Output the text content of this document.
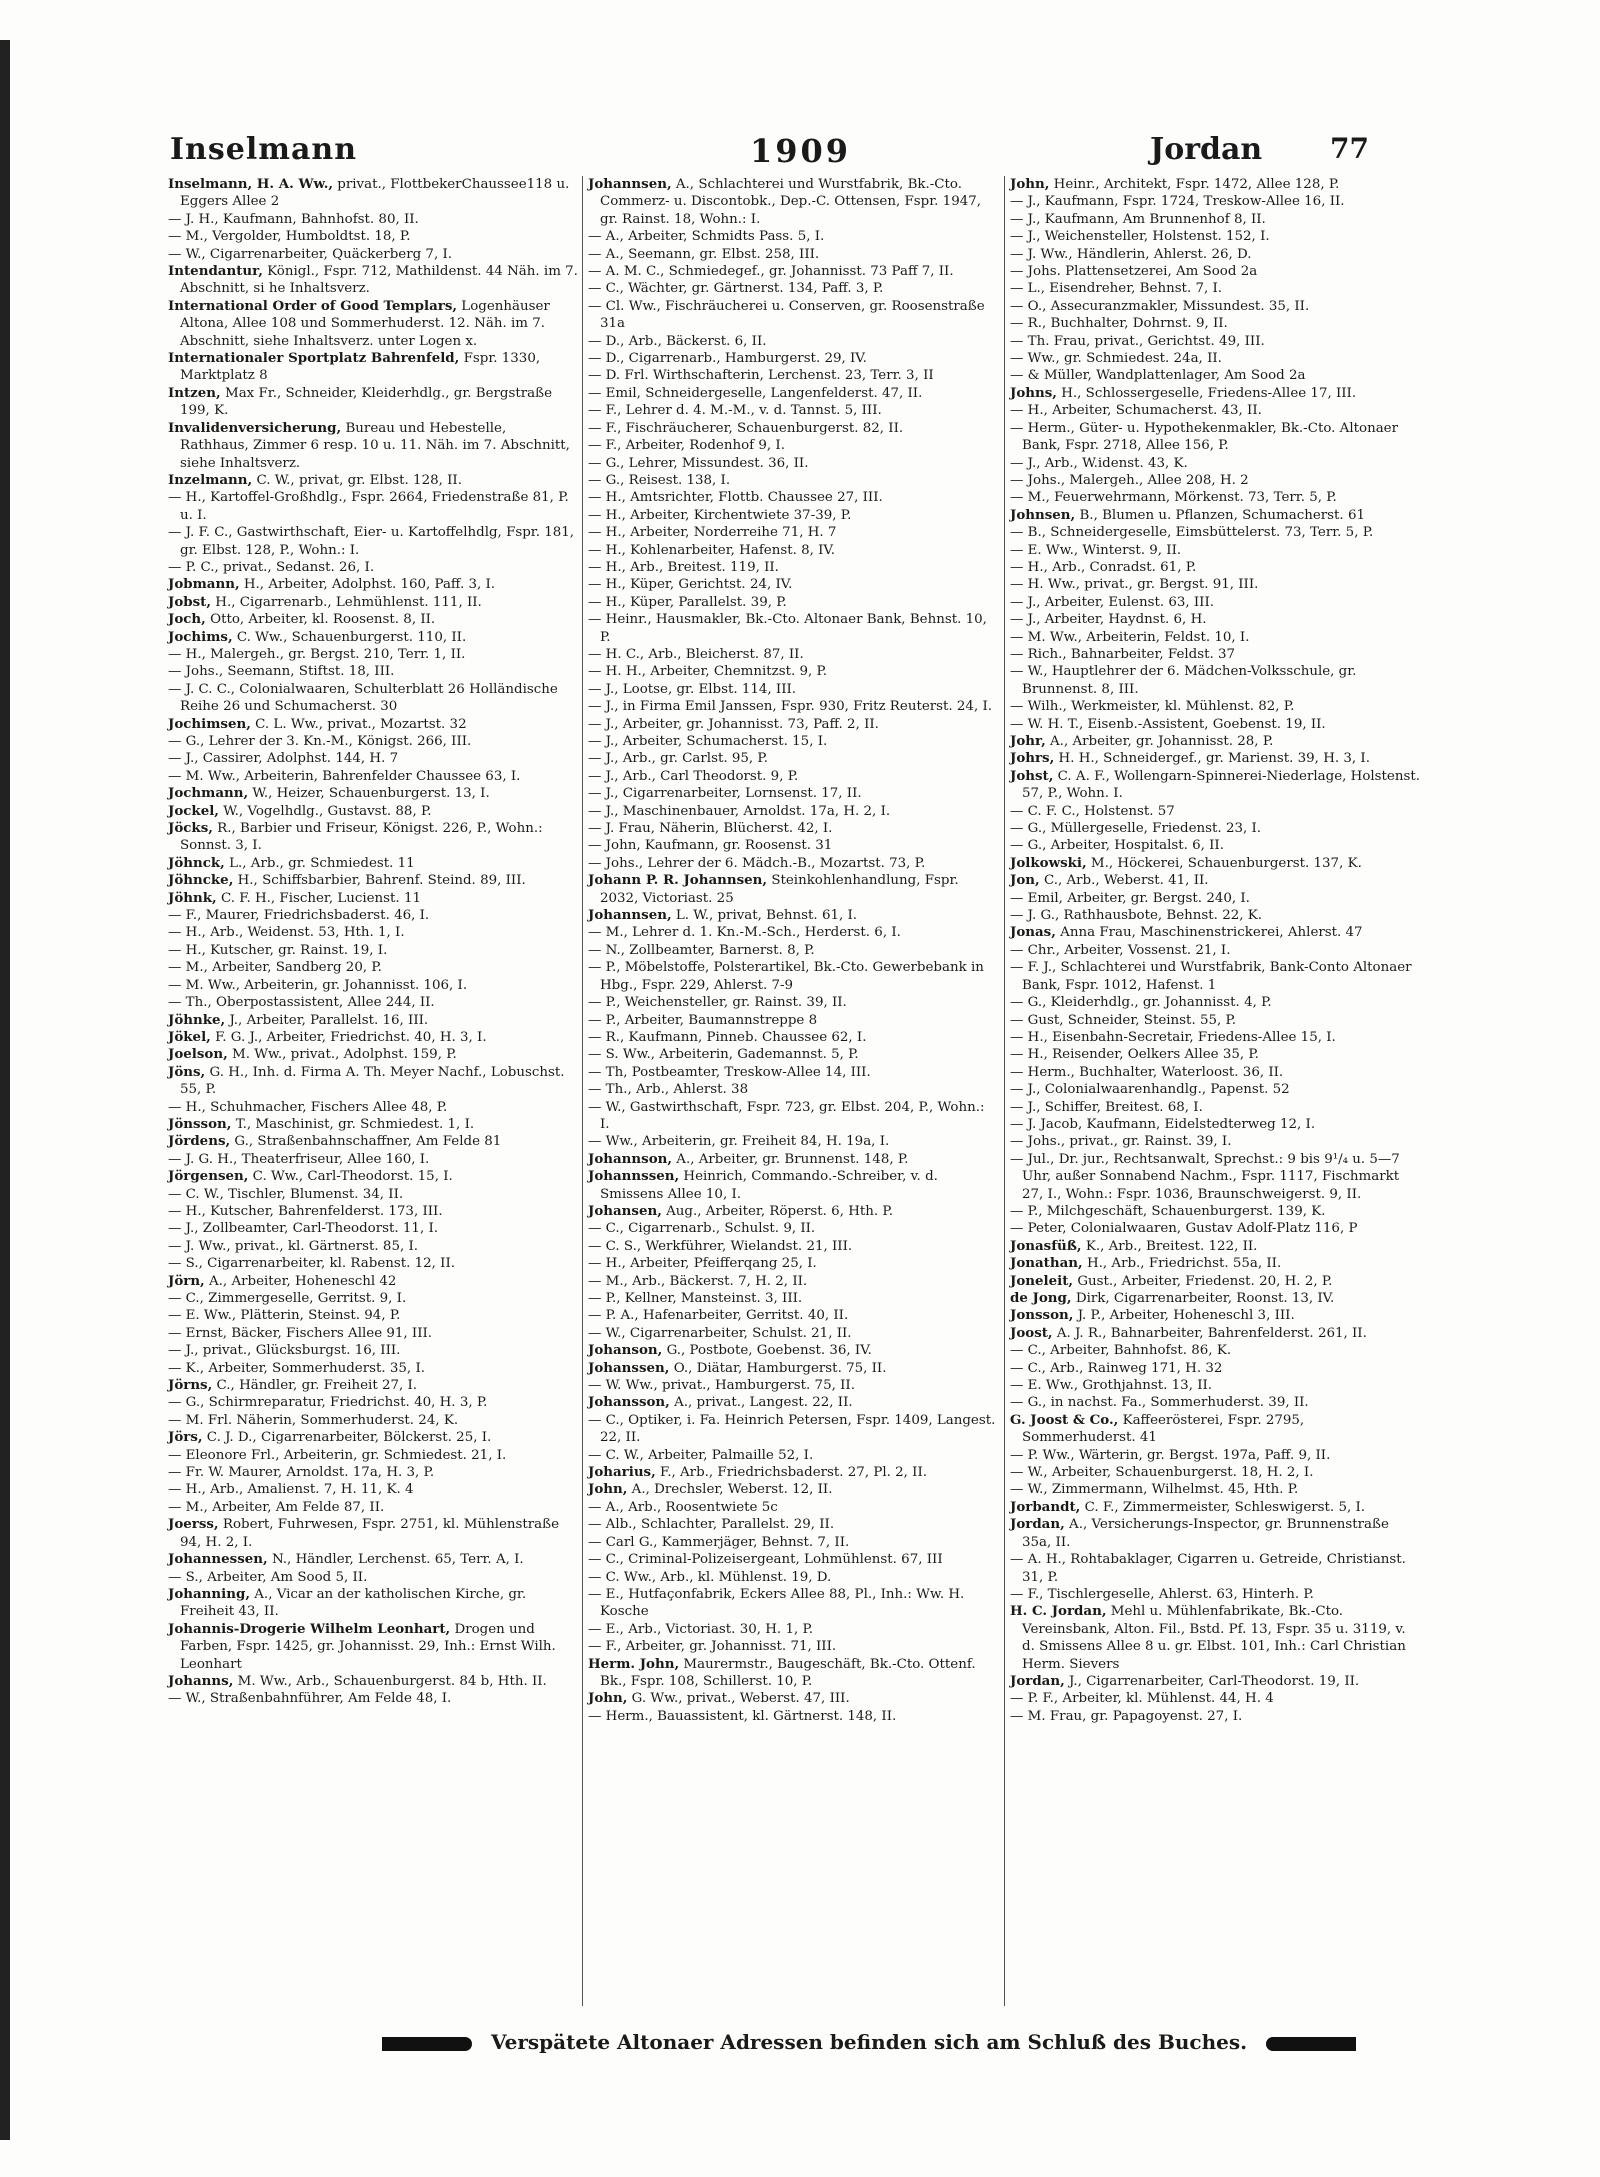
Inselmann	1909	Jordan 77
Inselmann, H. A. Ww., privat., FlottbekerChaussee118 u. Eggers Allee 2
— J. H., Kaufmann, Bahnhofst. 80, II.
— M., Vergolder, Humboldtst. 18, P.
— W., Cigarrenarbeiter, Quäckerberg 7, I.
Intendantur, Königl., Fspr. 712, Mathildenst. 44 Näh. im 7. Abschnitt, si he Inhaltsverz.
International Order of Good Templars, Logenhäuser Altona, Allee 108 und Sommerhuderst. 12. Näh. im 7. Abschnitt, siehe Inhaltsverz. unter Logen x.
Internationaler Sportplatz Bahrenfeld, Fspr. 1330, Marktplatz 8
Intzen, Max Fr., Schneider, Kleiderhdlg., gr. Bergstraße 199, K.
Invalidenversicherung, Bureau und Hebestelle, Rathhaus, Zimmer 6 resp. 10 u. 11. Näh. im 7. Abschnitt, siehe Inhaltsverz.
Inzelmann, C. W., privat, gr. Elbst. 128, II.
— H., Kartoffel-Großhdlg., Fspr. 2664, Friedenstraße 81, P. u. I.
— J. F. C., Gastwirthschaft, Eier- u. Kartoffelhdlg, Fspr. 181, gr. Elbst. 128, P., Wohn.: I.
— P. C., privat., Sedanst. 26, I.
Jobmann, H., Arbeiter, Adolphst. 160, Paff. 3, I.
Jobst, H., Cigarrenarb., Lehmühlenst. 111, II.
Joch, Otto, Arbeiter, kl. Roosenst. 8, II.
Jochims, C. Ww., Schauenburgerst. 110, II.
— H., Malergeh., gr. Bergst. 210, Terr. 1, II.
— Johs., Seemann, Stiftst. 18, III.
— J. C. C., Colonialwaaren, Schulterblatt 26 Holländische Reihe 26 und Schumacherst. 30
Jochimsen, C. L. Ww., privat., Mozartst. 32
— G., Lehrer der 3. Kn.-M., Königst. 266, III.
— J., Cassirer, Adolphst. 144, H. 7
— M. Ww., Arbeiterin, Bahrenfelder Chaussee 63, I.
Jochmann, W., Heizer, Schauenburgerst. 13, I.
Jockel, W., Vogelhdlg., Gustavst. 88, P.
Jöcks, R., Barbier und Friseur, Königst. 226, P., Wohn.: Sonnst. 3, I.
Jöhnck, L., Arb., gr. Schmiedest. 11
Jöhncke, H., Schiffsbarbier, Bahrenf. Steind. 89, III.
Jöhnk, C. F. H., Fischer, Lucienst. 11
— F., Maurer, Friedrichsbaderst. 46, I.
— H., Arb., Weidenst. 53, Hth. 1, I.
— H., Kutscher, gr. Rainst. 19, I.
— M., Arbeiter, Sandberg 20, P.
— M. Ww., Arbeiterin, gr. Johannisst. 106, I.
— Th., Oberpostassistent, Allee 244, II.
Jöhnke, J., Arbeiter, Parallelst. 16, III.
Jökel, F. G. J., Arbeiter, Friedrichst. 40, H. 3, I.
Joelson, M. Ww., privat., Adolphst. 159, P.
Jöns, G. H., Inh. d. Firma A. Th. Meyer Nachf., Lobuschst. 55, P.
— H., Schuhmacher, Fischers Allee 48, P.
Jönsson, T., Maschinist, gr. Schmiedest. 1, I.
Jördens, G., Straßenbahnschaffner, Am Felde 81
— J. G. H., Theaterfriseur, Allee 160, I.
Jörgensen, C. Ww., Carl-Theodorst. 15, I.
— C. W., Tischler, Blumenst. 34, II.
— H., Kutscher, Bahrenfelderst. 173, III.
— J., Zollbeamter, Carl-Theodorst. 11, I.
— J. Ww., privat., kl. Gärtnerst. 85, I.
— S., Cigarrenarbeiter, kl. Rabenst. 12, II.
Jörn, A., Arbeiter, Hoheneschl 42
— C., Zimmergeselle, Gerritst. 9, I.
— E. Ww., Plätterin, Steinst. 94, P.
— Ernst, Bäcker, Fischers Allee 91, III.
— J., privat., Glücksburgst. 16, III.
— K., Arbeiter, Sommerhuderst. 35, I.
Jörns, C., Händler, gr. Freiheit 27, I.
— G., Schirmreparatur, Friedrichst. 40, H. 3, P.
— M. Frl. Näherin, Sommerhuderst. 24, K.
Jörs, C. J. D., Cigarrenarbeiter, Bölckerst. 25, I.
— Eleonore Frl., Arbeiterin, gr. Schmiedest. 21, I.
— Fr. W. Maurer, Arnoldst. 17a, H. 3, P.
— H., Arb., Amalienst. 7, H. 11, K. 4
— M., Arbeiter, Am Felde 87, II.
Joerss, Robert, Fuhrwesen, Fspr. 2751, kl. Mühlenstraße 94, H. 2, I.
Johannessen, N., Händler, Lerchenst. 65, Terr. A, I.
— S., Arbeiter, Am Sood 5, II.
Johanning, A., Vicar an der katholischen Kirche, gr. Freiheit 43, II.
Johannis-Drogerie Wilhelm Leonhart, Drogen und Farben, Fspr. 1425, gr. Johannisst. 29, Inh.: Ernst Wilh. Leonhart
Johanns, M. Ww., Arb., Schauenburgerst. 84 b, Hth. II.
— W., Straßenbahnführer, Am Felde 48, I.
Johannsen, A., Schlachterei und Wurstfabrik, Bk.-Cto. Commerz- u. Discontobk., Dep.-C. Ottensen, Fspr. 1947, gr. Rainst. 18, Wohn.: I.
— A., Arbeiter, Schmidts Pass. 5, I.
— A., Seemann, gr. Elbst. 258, III.
— A. M. C., Schmiedegef., gr. Johannisst. 73 Paff 7, II.
— C., Wächter, gr. Gärtnerst. 134, Paff. 3, P.
— Cl. Ww., Fischräucherei u. Conserven, gr. Roosenstraße 31a
— D., Arb., Bäckerst. 6, II.
— D., Cigarrenarb., Hamburgerst. 29, IV.
— D. Frl. Wirthschafterin, Lerchenst. 23, Terr. 3, II
— Emil, Schneidergeselle, Langenfelderst. 47, II.
— F., Lehrer d. 4. M.-M., v. d. Tannst. 5, III.
— F., Fischräucherer, Schauenburgerst. 82, II.
— F., Arbeiter, Rodenhof 9, I.
— G., Lehrer, Missundest. 36, II.
— G., Reisest. 138, I.
— H., Amtsrichter, Flottb. Chaussee 27, III.
— H., Arbeiter, Kirchentwiete 37-39, P.
— H., Arbeiter, Norderreihe 71, H. 7
— H., Kohlenarbeiter, Hafenst. 8, IV.
— H., Arb., Breitest. 119, II.
— H., Küper, Gerichtst. 24, IV.
— H., Küper, Parallelst. 39, P.
— Heinr., Hausmakler, Bk.-Cto. Altonaer Bank, Behnst. 10, P.
— H. C., Arb., Bleicherst. 87, II.
— H. H., Arbeiter, Chemnitzst. 9, P.
— J., Lootse, gr. Elbst. 114, III.
— J., in Firma Emil Janssen, Fspr. 930, Fritz Reuterst. 24, I.
— J., Arbeiter, gr. Johannisst. 73, Paff. 2, II.
— J., Arbeiter, Schumacherst. 15, I.
— J., Arb., gr. Carlst. 95, P.
— J., Arb., Carl Theodorst. 9, P.
— J., Cigarrenarbeiter, Lornsenst. 17, II.
— J., Maschinenbauer, Arnoldst. 17a, H. 2, I.
— J. Frau, Näherin, Blücherst. 42, I.
— John, Kaufmann, gr. Roosenst. 31
— Johs., Lehrer der 6. Mädch.-B., Mozartst. 73, P.
Johann P. R. Johannsen, Steinkohlenhandlung, Fspr. 2032, Victoriast. 25
Johannsen, L. W., privat, Behnst. 61, I.
— M., Lehrer d. 1. Kn.-M.-Sch., Herderst. 6, I.
— N., Zollbeamter, Barnerst. 8, P.
— P., Möbelstoffe, Polsterartikel, Bk.-Cto. Gewerbebank in Hbg., Fspr. 229, Ahlerst. 7-9
— P., Weichensteller, gr. Rainst. 39, II.
— P., Arbeiter, Baumannstreppe 8
— R., Kaufmann, Pinneb. Chaussee 62, I.
— S. Ww., Arbeiterin, Gademannst. 5, P.
— Th, Postbeamter, Treskow-Allee 14, III.
— Th., Arb., Ahlerst. 38
— W., Gastwirthschaft, Fspr. 723, gr. Elbst. 204, P., Wohn.: I.
— Ww., Arbeiterin, gr. Freiheit 84, H. 19a, I.
Johannson, A., Arbeiter, gr. Brunnenst. 148, P.
Johannssen, Heinrich, Commando.-Schreiber, v. d. Smissens Allee 10, I.
Johansen, Aug., Arbeiter, Röperst. 6, Hth. P.
— C., Cigarrenarb., Schulst. 9, II.
— C. S., Werkführer, Wielandst. 21, III.
— H., Arbeiter, Pfeifferqang 25, I.
— M., Arb., Bäckerst. 7, H. 2, II.
— P., Kellner, Mansteinst. 3, III.
— P. A., Hafenarbeiter, Gerritst. 40, II.
— W., Cigarrenarbeiter, Schulst. 21, II.
Johanson, G., Postbote, Goebenst. 36, IV.
Johanssen, O., Diätar, Hamburgerst. 75, II.
— W. Ww., privat., Hamburgerst. 75, II.
Johansson, A., privat., Langest. 22, II.
— C., Optiker, i. Fa. Heinrich Petersen, Fspr. 1409, Langest. 22, II.
— C. W., Arbeiter, Palmaille 52, I.
Joharius, F., Arb., Friedrichsbaderst. 27, Pl. 2, II.
John, A., Drechsler, Weberst. 12, II.
— A., Arb., Roosentwiete 5c
— Alb., Schlachter, Parallelst. 29, II.
— Carl G., Kammerjäger, Behnst. 7, II.
— C., Criminal-Polizeisergeant, Lohmühlenst. 67, III
— C. Ww., Arb., kl. Mühlenst. 19, D.
— E., Hutfaçonfabrik, Eckers Allee 88, Pl., Inh.: Ww. H. Kosche
— E., Arb., Victoriast. 30, H. 1, P.
— F., Arbeiter, gr. Johannisst. 71, III.
Herm. John, Maurermstr., Baugeschäft, Bk.-Cto. Ottenf. Bk., Fspr. 108, Schillerst. 10, P.
John, G. Ww., privat., Weberst. 47, III.
— Herm., Bauassistent, kl. Gärtnerst. 148, II.
John, Heinr., Architekt, Fspr. 1472, Allee 128, P.
— J., Kaufmann, Fspr. 1724, Treskow-Allee 16, II.
— J., Kaufmann, Am Brunnenhof 8, II.
— J., Weichensteller, Holstenst. 152, I.
— J. Ww., Händlerin, Ahlerst. 26, D.
— Johs. Plattensetzerei, Am Sood 2a
— L., Eisendreher, Behnst. 7, I.
— O., Assecuranzmakler, Missundest. 35, II.
— R., Buchhalter, Dohrnst. 9, II.
— Th. Frau, privat., Gerichtst. 49, III.
— Ww., gr. Schmiedest. 24a, II.
— & Müller, Wandplattenlager, Am Sood 2a
Johns, H., Schlossergeselle, Friedens-Allee 17, III.
— H., Arbeiter, Schumacherst. 43, II.
— Herm., Güter- u. Hypothekenmakler, Bk.-Cto. Altonaer Bank, Fspr. 2718, Allee 156, P.
— J., Arb., W.idenst. 43, K.
— Johs., Malergeh., Allee 208, H. 2
— M., Feuerwehrmann, Mörkenst. 73, Terr. 5, P.
Johnsen, B., Blumen u. Pflanzen, Schumacherst. 61
— B., Schneidergeselle, Eimsbüttelerst. 73, Terr. 5, P.
— E. Ww., Winterst. 9, II.
— H., Arb., Conradst. 61, P.
— H. Ww., privat., gr. Bergst. 91, III.
— J., Arbeiter, Eulenst. 63, III.
— J., Arbeiter, Haydnst. 6, H.
— M. Ww., Arbeiterin, Feldst. 10, I.
— Rich., Bahnarbeiter, Feldst. 37
— W., Hauptlehrer der 6. Mädchen-Volksschule, gr. Brunnenst. 8, III.
— Wilh., Werkmeister, kl. Mühlenst. 82, P.
— W. H. T., Eisenb.-Assistent, Goebenst. 19, II.
Johr, A., Arbeiter, gr. Johannisst. 28, P.
Johrs, H. H., Schneidergef., gr. Marienst. 39, H. 3, I.
Johst, C. A. F., Wollengarn-Spinnerei-Niederlage, Holstenst. 57, P., Wohn. I.
— C. F. C., Holstenst. 57
— G., Müllergeselle, Friedenst. 23, I.
— G., Arbeiter, Hospitalst. 6, II.
Jolkowski, M., Höckerei, Schauenburgerst. 137, K.
Jon, C., Arb., Weberst. 41, II.
— Emil, Arbeiter, gr. Bergst. 240, I.
— J. G., Rathhausbote, Behnst. 22, K.
Jonas, Anna Frau, Maschinenstrickerei, Ahlerst. 47
— Chr., Arbeiter, Vossenst. 21, I.
— F. J., Schlachterei und Wurstfabrik, Bank-Conto Altonaer Bank, Fspr. 1012, Hafenst. 1
— G., Kleiderhdlg., gr. Johannisst. 4, P.
— Gust, Schneider, Steinst. 55, P.
— H., Eisenbahn-Secretair, Friedens-Allee 15, I.
— H., Reisender, Oelkers Allee 35, P.
— Herm., Buchhalter, Waterloost. 36, II.
— J., Colonialwaarenhandlg., Papenst. 52
— J., Schiffer, Breitest. 68, I.
— J. Jacob, Kaufmann, Eidelstedterweg 12, I.
— Johs., privat., gr. Rainst. 39, I.
— Jul., Dr. jur., Rechtsanwalt, Sprechst.: 9 bis 9¹/₄ u. 5—7 Uhr, außer Sonnabend Nachm., Fspr. 1117, Fischmarkt 27, I., Wohn.: Fspr. 1036, Braunschweigerst. 9, II.
— P., Milchgeschäft, Schauenburgerst. 139, K.
— Peter, Colonialwaaren, Gustav Adolf-Platz 116, P
Jonasfüß, K., Arb., Breitest. 122, II.
Jonathan, H., Arb., Friedrichst. 55a, II.
Joneleit, Gust., Arbeiter, Friedenst. 20, H. 2, P.
de Jong, Dirk, Cigarrenarbeiter, Roonst. 13, IV.
Jonsson, J. P., Arbeiter, Hoheneschl 3, III.
Joost, A. J. R., Bahnarbeiter, Bahrenfelderst. 261, II.
— C., Arbeiter, Bahnhofst. 86, K.
— C., Arb., Rainweg 171, H. 32
— E. Ww., Grothjahnst. 13, II.
— G., in nachst. Fa., Sommerhuderst. 39, II.
G. Joost & Co., Kaffeerösterei, Fspr. 2795, Sommerhuderst. 41
— P. Ww., Wärterin, gr. Bergst. 197a, Paff. 9, II.
— W., Arbeiter, Schauenburgerst. 18, H. 2, I.
— W., Zimmermann, Wilhelmst. 45, Hth. P.
Jorbandt, C. F., Zimmermeister, Schleswigerst. 5, I.
Jordan, A., Versicherungs-Inspector, gr. Brunnenstraße 35a, II.
— A. H., Rohtabaklager, Cigarren u. Getreide, Christianst. 31, P.
— F., Tischlergeselle, Ahlerst. 63, Hinterh. P.
H. C. Jordan, Mehl u. Mühlenfabrikate, Bk.-Cto. Vereinsbank, Alton. Fil., Bstd. Pf. 13, Fspr. 35 u. 3119, v. d. Smissens Allee 8 u. gr. Elbst. 101, Inh.: Carl Christian Herm. Sievers
Jordan, J., Cigarrenarbeiter, Carl-Theodorst. 19, II.
— P. F., Arbeiter, kl. Mühlenst. 44, H. 4
— M. Frau, gr. Papagoyenst. 27, I.
Verspätete Altonaer Adressen befinden sich am Schluß des Buches.
